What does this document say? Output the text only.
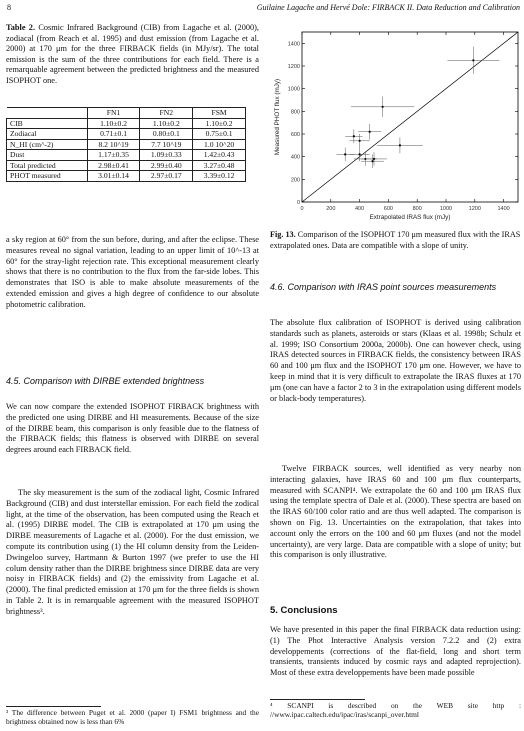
8	Guilaine Lagache and Hervé Dole: FIRBACK II. Data Reduction and Calibration
Table 2. Cosmic Infrared Background (CIB) from Lagache et al. (2000), zodiacal (from Reach et al. 1995) and dust emission (from Lagache et al. 2000) at 170 μm for the three FIRBACK fields (in MJy/sr). The total emission is the sum of the three contributions for each field. There is a remarquable agreement between the predicted brightness and the measured ISOPHOT one.
	FN1	FN2	FSM
CIB	1.10±0.2	1.10±0.2	1.10±0.2
Zodiacal	0.71±0.1	0.80±0.1	0.75±0.1
N_HI (cm^-2)	8.2 10^19	7.7 10^19	1.0 10^20
Dust	1.17±0.35	1.09±0.33	1.42±0.43
Total predicted	2.98±0.41	2.99±0.40	3.27±0.48
PHOT measured	3.01±0.14	2.97±0.17	3.39±0.12

a sky region at 60° from the sun before, during, and after the eclipse. These measures reveal no signal variation, leading to an upper limit of 10^-13 at 60° for the stray-light rejection rate. This exceptional measurement clearly shows that there is no contribution to the flux from the far-side lobes. This demonstrates that ISO is able to make absolute measurements of the extended emission and gives a high degree of confidence to our absolute photometric calibration.

4.5. Comparison with DIRBE extended brightness

We can now compare the extended ISOPHOT FIRBACK brightness with the predicted one using DIRBE and HI measurements. Because of the size of the DIRBE beam, this comparison is only feasible due to the flatness of the FIRBACK fields; this flatness is observed with DIRBE on several degrees around each FIRBACK field.

The sky measurement is the sum of the zodiacal light, Cosmic Infrared Background (CIB) and dust interstellar emission. For each field the zodical light, at the time of the observation, has been computed using the Reach et al. (1995) DIRBE model. The CIB is extrapolated at 170 μm using the DIRBE measurements of Lagache et al. (2000). For the dust emission, we compute its contribution using (1) the HI column density from the Leiden-Dwingeloo survey, Hartmann & Burton 1997 (we prefer to use the HI colum density rather than the DIRBE brightness since DIRBE data are very noisy in FIRBACK fields) and (2) the emissivity from Lagache et al. (2000). The final predicted emission at 170 μm for the three fields is shown in Table 2. It is in remarquable agreement with the measured ISOPHOT brightness³.

³ The difference between Puget et al. 2000 (paper I) FSM1 brightness and the brightness obtained now is less than 6%
0	200	400	600	800	1000	1200	1400
0
200
400
600
800
1000
1200
1400
Extrapolated IRAS flux (mJy)
Measured PHOT flux (mJy)
Fig. 13. Comparison of the ISOPHOT 170 μm measured flux with the IRAS extrapolated ones. Data are compatible with a slope of unity.
4.6. Comparison with IRAS point sources measurements

The absolute flux calibration of ISOPHOT is derived using calibration standards such as planets, asteroids or stars (Klaas et al. 1998b; Schulz et al. 1999; ISO Consortium 2000a, 2000b). One can however check, using IRAS detected sources in FIRBACK fields, the consistency between IRAS 60 and 100 μm flux and the ISOPHOT 170 μm one. However, we have to keep in mind that it is very difficult to extrapolate the IRAS fluxes at 170 μm (one can have a factor 2 to 3 in the extrapolation using different models or black-body temperatures).

Twelve FIRBACK sources, well identified as very nearby non interacting galaxies, have IRAS 60 and 100 μm flux counterparts, measured with SCANPI⁴. We extrapolate the 60 and 100 μm IRAS flux using the template spectra of Dale et al. (2000). These spectra are based on the IRAS 60/100 color ratio and are thus well adapted. The comparison is shown on Fig. 13. Uncertainties on the extrapolation, that takes into account only the errors on the 100 and 60 μm fluxes (and not the model uncertainty), are very large. Data are compatible with a slope of unity; but this comparison is only illustrative.

5. Conclusions

We have presented in this paper the final FIRBACK data reduction using: (1) The Phot Interactive Analysis version 7.2.2 and (2) extra developpements (corrections of the flat-field, long and short term transients, transients induced by cosmic rays and adapted reprojection). Most of these extra developpements have been made possible

⁴ SCANPI is described on the WEB site http : //www.ipac.caltech.edu/ipac/iras/scanpi_over.html
